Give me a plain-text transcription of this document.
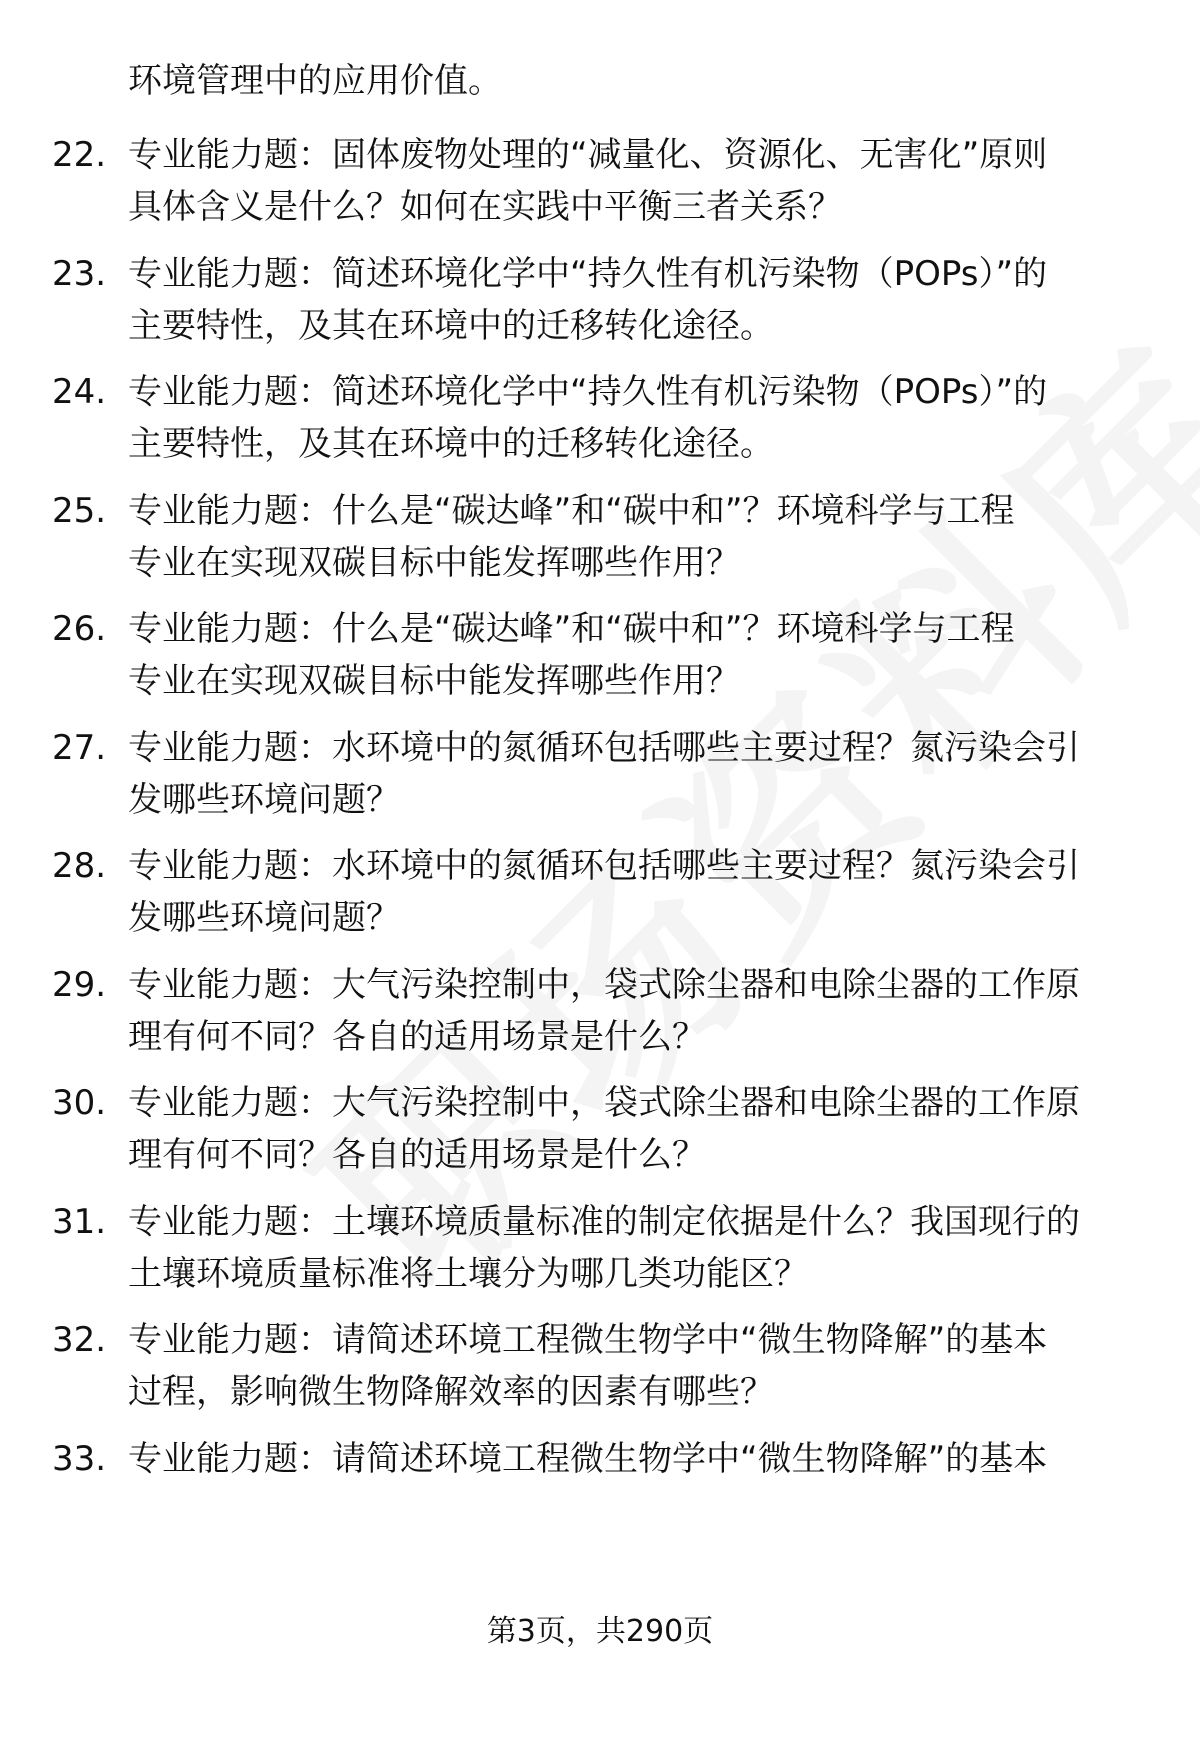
环境管理中的应用价值。
22. 专业能力题：固体废物处理的“减量化、资源化、无害化”原则
具体含义是什么？如何在实践中平衡三者关系？
23. 专业能力题：简述环境化学中“持久性有机污染物（POPs）”的
主要特性，及其在环境中的迁移转化途径。
24. 专业能力题：简述环境化学中“持久性有机污染物（POPs）”的
主要特性，及其在环境中的迁移转化途径。
25. 专业能力题：什么是“碳达峰”和“碳中和”？环境科学与工程
专业在实现双碳目标中能发挥哪些作用？
26. 专业能力题：什么是“碳达峰”和“碳中和”？环境科学与工程
专业在实现双碳目标中能发挥哪些作用？
27. 专业能力题：水环境中的氮循环包括哪些主要过程？氮污染会引
发哪些环境问题？
28. 专业能力题：水环境中的氮循环包括哪些主要过程？氮污染会引
发哪些环境问题？
29. 专业能力题：大气污染控制中，袋式除尘器和电除尘器的工作原
理有何不同？各自的适用场景是什么？
30. 专业能力题：大气污染控制中，袋式除尘器和电除尘器的工作原
理有何不同？各自的适用场景是什么？
31. 专业能力题：土壤环境质量标准的制定依据是什么？我国现行的
土壤环境质量标准将土壤分为哪几类功能区？
32. 专业能力题：请简述环境工程微生物学中“微生物降解”的基本
过程，影响微生物降解效率的因素有哪些？
33. 专业能力题：请简述环境工程微生物学中“微生物降解”的基本
第3页，共290页
